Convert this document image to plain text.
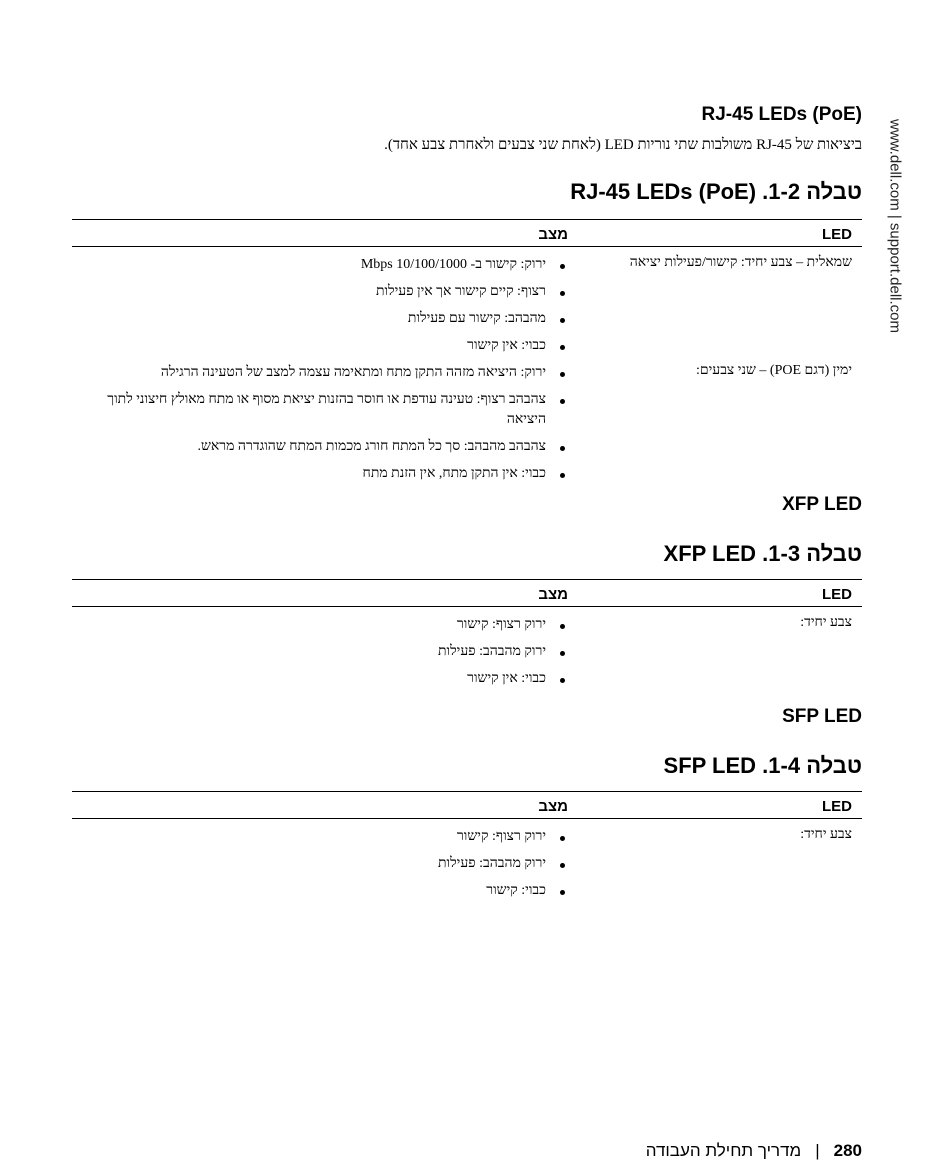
www.dell.com | support.dell.com
RJ-45 LEDs (PoE)
ביציאות של RJ-45 משולבות שתי נוריות LED (לאחת שני צבעים ולאחרת צבע אחד).
טבלה 1-2. RJ-45 LEDs (PoE)
LED
מצב
שמאלית – צבע יחיד: קישור/פעילות יציאה
ירוק: קישור ב- 10/100/1000 Mbps
רצוף: קיים קישור אך אין פעילות
מהבהב: קישור עם פעילות
כבוי: אין קישור
ימין (דגם POE) – שני צבעים:
ירוק: היציאה מזהה התקן מתח ומתאימה עצמה למצב של הטעינה הרגילה
צהבהב רצוף: טעינה עודפת או חוסר בהזנות יציאת מסוף או מתח מאולץ חיצוני לתוך היציאה
צהבהב מהבהב: סך כל המתח חורג מכמות המתח שהוגדרה מראש.
כבוי: אין התקן מתח, אין הזנת מתח
XFP LED
טבלה 1-3. XFP LED
LED
מצב
צבע יחיד:
ירוק רצוף: קישור
ירוק מהבהב: פעילות
כבוי: אין קישור
SFP LED
טבלה 1-4. SFP LED
LED
מצב
צבע יחיד:
ירוק רצוף: קישור
ירוק מהבהב: פעילות
כבוי: קישור
280|מדריך תחילת העבודה
